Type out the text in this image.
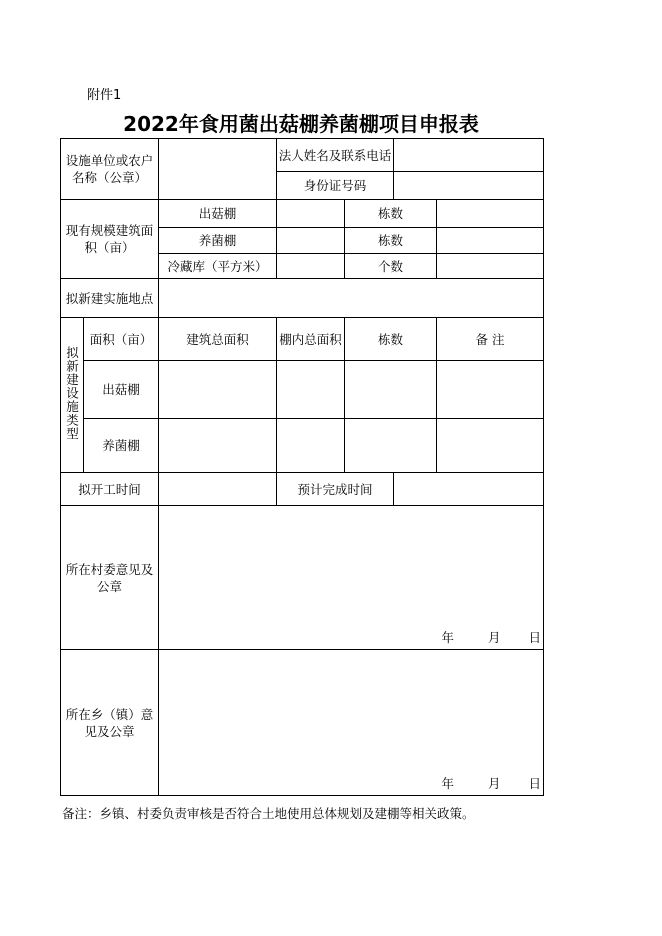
附件1
2022年食用菌出菇棚养菌棚项目申报表
设施单位或农户名称（公章）			法人姓名及联系电话			
			身份证号码			
现有规模建筑面积（亩）		出菇棚		栋数		
		养菌棚		栋数		
		冷藏库（平方米）		个数		
拟新建实施地点						
拟新建设施类型	面积（亩）	建筑总面积	棚内总面积	栋数		备 注
	出菇棚					
	养菌棚					
拟开工时间			预计完成时间			
所在村委意见及公章		年 月 日				
所在乡（镇）意见及公章		年 月 日				
备注：乡镇、村委负责审核是否符合土地使用总体规划及建棚等相关政策。
